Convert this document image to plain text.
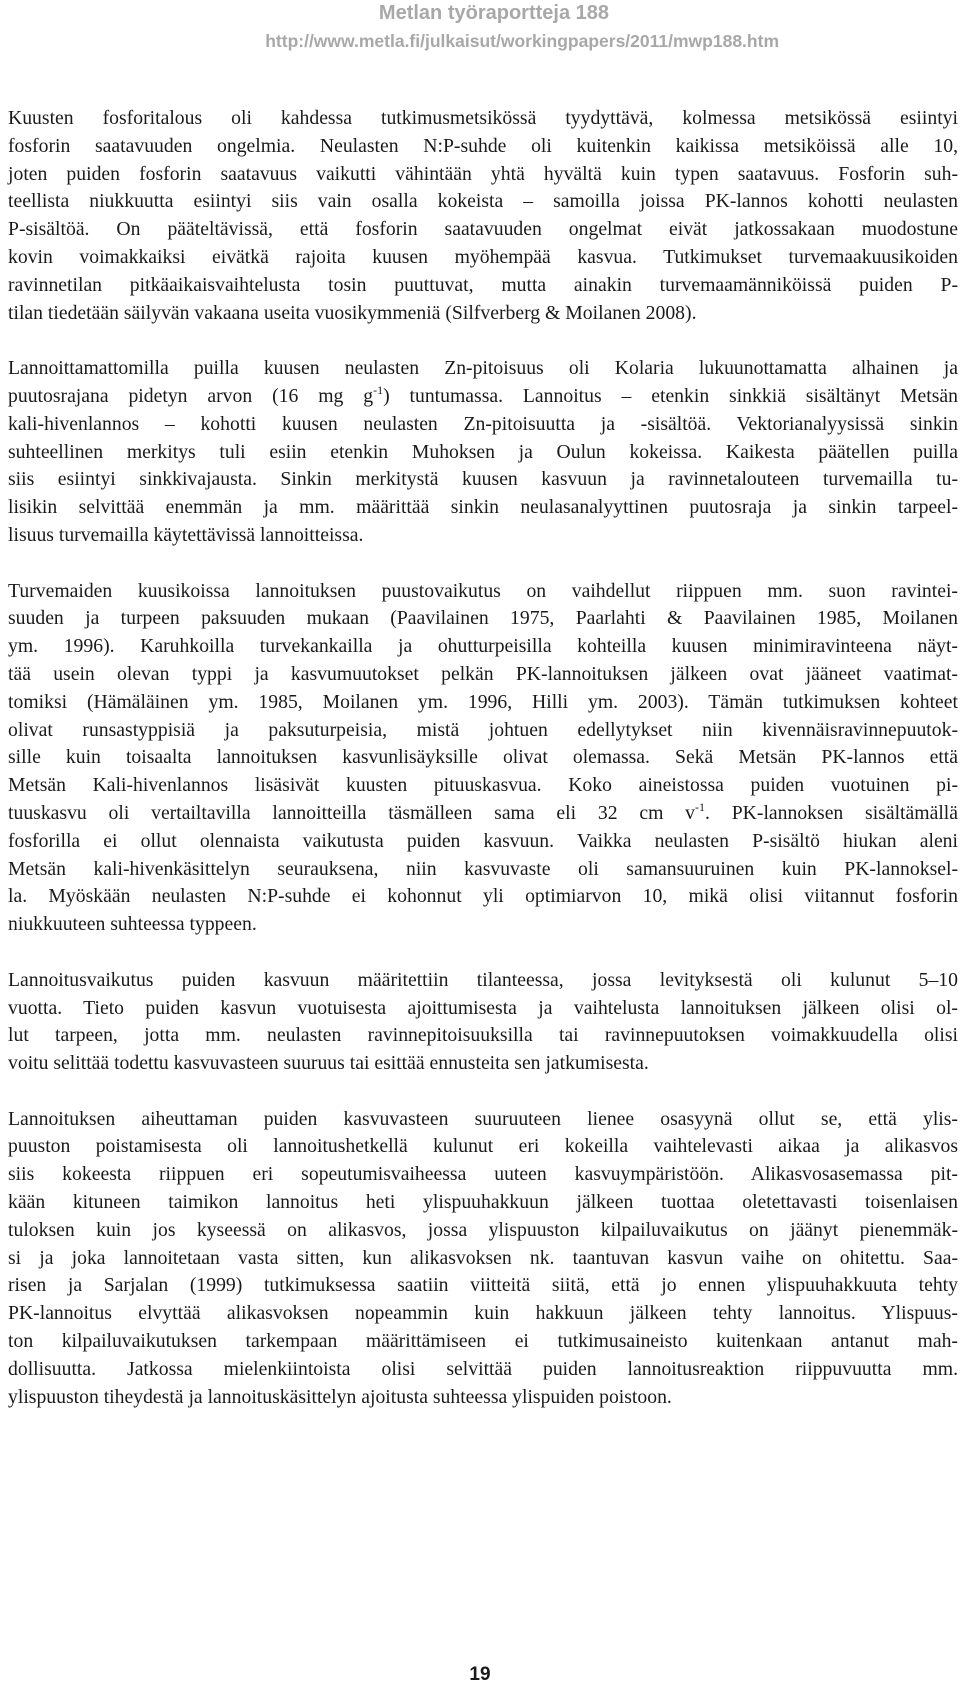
Metlan työraportteja 188
http://www.metla.fi/julkaisut/workingpapers/2011/mwp188.htm
Kuusten fosforitalous oli kahdessa tutkimusmetsikössä tyydyttävä, kolmessa metsikössä esiintyi
fosforin saatavuuden ongelmia. Neulasten N:P-suhde oli kuitenkin kaikissa metsiköissä alle 10,
joten puiden fosforin saatavuus vaikutti vähintään yhtä hyvältä kuin typen saatavuus. Fosforin suh-
teellista niukkuutta esiintyi siis vain osalla kokeista – samoilla joissa PK-lannos kohotti neulasten
P-sisältöä. On pääteltävissä, että fosforin saatavuuden ongelmat eivät jatkossakaan muodostune
kovin voimakkaiksi eivätkä rajoita kuusen myöhempää kasvua. Tutkimukset turvemaakuusikoiden
ravinnetilan pitkäaikaisvaihtelusta tosin puuttuvat, mutta ainakin turvemaamänniköissä puiden P-
tilan tiedetään säilyvän vakaana useita vuosikymmeniä (Silfverberg & Moilanen 2008).
Lannoittamattomilla puilla kuusen neulasten Zn-pitoisuus oli Kolaria lukuunottamatta alhainen ja
puutosrajana pidetyn arvon (16 mg $g^{-1}$) tuntumassa. Lannoitus – etenkin sinkkiä sisältänyt Metsän
kali-hivenlannos – kohotti kuusen neulasten Zn-pitoisuutta ja -sisältöä. Vektorianalyysissä sinkin
suhteellinen merkitys tuli esiin etenkin Muhoksen ja Oulun kokeissa. Kaikesta päätellen puilla
siis esiintyi sinkkivajausta. Sinkin merkitystä kuusen kasvuun ja ravinnetalouteen turvemailla tu-
lisikin selvittää enemmän ja mm. määrittää sinkin neulasanalyyttinen puutosraja ja sinkin tarpeel-
lisuus turvemailla käytettävissä lannoitteissa.
Turvemaiden kuusikoissa lannoituksen puustovaikutus on vaihdellut riippuen mm. suon ravintei-
suuden ja turpeen paksuuden mukaan (Paavilainen 1975, Paarlahti & Paavilainen 1985, Moilanen
ym. 1996). Karuhkoilla turvekankailla ja ohutturpeisilla kohteilla kuusen minimiravinteena näyt-
tää usein olevan typpi ja kasvumuutokset pelkän PK-lannoituksen jälkeen ovat jääneet vaatimat-
tomiksi (Hämäläinen ym. 1985, Moilanen ym. 1996, Hilli ym. 2003). Tämän tutkimuksen kohteet
olivat runsastyppisiä ja paksuturpeisia, mistä johtuen edellytykset niin kivennäisravinnepuutok-
sille kuin toisaalta lannoituksen kasvunlisäyksille olivat olemassa. Sekä Metsän PK-lannos että
Metsän Kali-hivenlannos lisäsivät kuusten pituuskasvua. Koko aineistossa puiden vuotuinen pi-
tuuskasvu oli vertailtavilla lannoitteilla täsmälleen sama eli 32 cm $v^{-1}$. PK-lannoksen sisältämällä
fosforilla ei ollut olennaista vaikutusta puiden kasvuun. Vaikka neulasten P-sisältö hiukan aleni
Metsän kali-hivenkäsittelyn seurauksena, niin kasvuvaste oli samansuuruinen kuin PK-lannoksel-
la. Myöskään neulasten N:P-suhde ei kohonnut yli optimiarvon 10, mikä olisi viitannut fosforin
niukkuuteen suhteessa typpeen.
Lannoitusvaikutus puiden kasvuun määritettiin tilanteessa, jossa levityksestä oli kulunut 5–10
vuotta. Tieto puiden kasvun vuotuisesta ajoittumisesta ja vaihtelusta lannoituksen jälkeen olisi ol-
lut tarpeen, jotta mm. neulasten ravinnepitoisuuksilla tai ravinnepuutoksen voimakkuudella olisi
voitu selittää todettu kasvuvasteen suuruus tai esittää ennusteita sen jatkumisesta.
Lannoituksen aiheuttaman puiden kasvuvasteen suuruuteen lienee osasyynä ollut se, että ylis-
puuston poistamisesta oli lannoitushetkellä kulunut eri kokeilla vaihtelevasti aikaa ja alikasvos
siis kokeesta riippuen eri sopeutumisvaiheessa uuteen kasvuympäristöön. Alikasvosasemassa pit-
kään kituneen taimikon lannoitus heti ylispuuhakkuun jälkeen tuottaa oletettavasti toisenlaisen
tuloksen kuin jos kyseessä on alikasvos, jossa ylispuuston kilpailuvaikutus on jäänyt pienemmäk-
si ja joka lannoitetaan vasta sitten, kun alikasvoksen nk. taantuvan kasvun vaihe on ohitettu. Saa-
risen ja Sarjalan (1999) tutkimuksessa saatiin viitteitä siitä, että jo ennen ylispuuhakkuuta tehty
PK-lannoitus elvyttää alikasvoksen nopeammin kuin hakkuun jälkeen tehty lannoitus. Ylispuus-
ton kilpailuvaikutuksen tarkempaan määrittämiseen ei tutkimusaineisto kuitenkaan antanut mah-
dollisuutta. Jatkossa mielenkiintoista olisi selvittää puiden lannoitusreaktion riippuvuutta mm.
ylispuuston tiheydestä ja lannoituskäsittelyn ajoitusta suhteessa ylispuiden poistoon.
19
